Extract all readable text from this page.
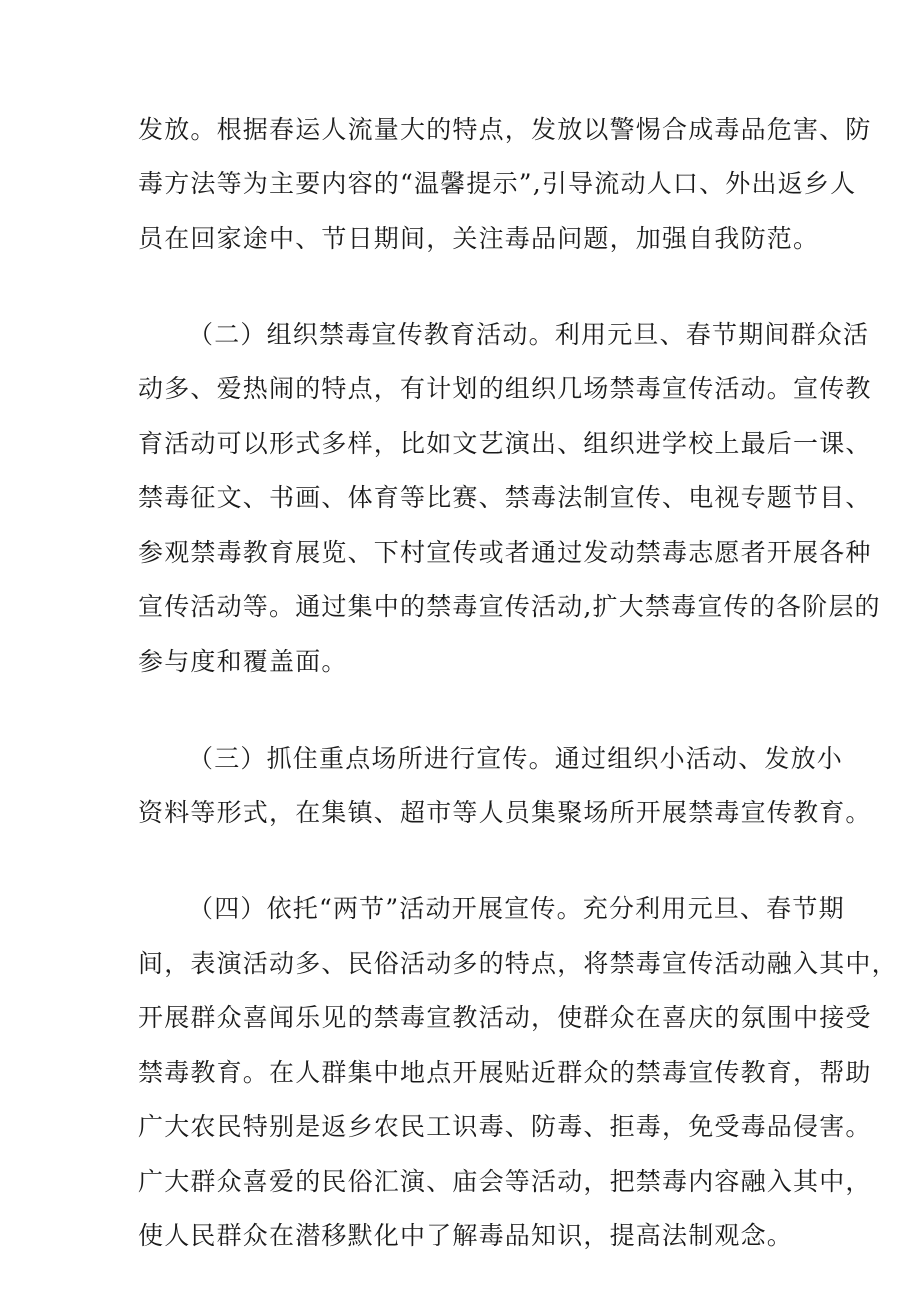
发放。根据春运人流量大的特点，发放以警惕合成毒品危害、防
毒方法等为主要内容的“温馨提示”,引导流动人口、外出返乡人
员在回家途中、节日期间，关注毒品问题，加强自我防范。
（二）组织禁毒宣传教育活动。利用元旦、春节期间群众活
动多、爱热闹的特点，有计划的组织几场禁毒宣传活动。宣传教
育活动可以形式多样，比如文艺演出、组织进学校上最后一课、
禁毒征文、书画、体育等比赛、禁毒法制宣传、电视专题节目、
参观禁毒教育展览、下村宣传或者通过发动禁毒志愿者开展各种
宣传活动等。通过集中的禁毒宣传活动,扩大禁毒宣传的各阶层的
参与度和覆盖面。
（三）抓住重点场所进行宣传。通过组织小活动、发放小
资料等形式，在集镇、超市等人员集聚场所开展禁毒宣传教育。
（四）依托“两节”活动开展宣传。充分利用元旦、春节期
间，表演活动多、民俗活动多的特点，将禁毒宣传活动融入其中，
开展群众喜闻乐见的禁毒宣教活动，使群众在喜庆的氛围中接受
禁毒教育。在人群集中地点开展贴近群众的禁毒宣传教育，帮助
广大农民特别是返乡农民工识毒、防毒、拒毒，免受毒品侵害。
广大群众喜爱的民俗汇演、庙会等活动，把禁毒内容融入其中，
使人民群众在潜移默化中了解毒品知识，提高法制观念。
